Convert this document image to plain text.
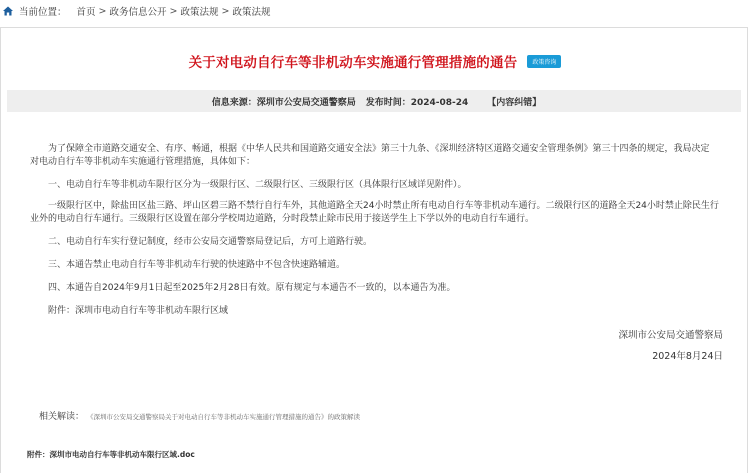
当前位置： 首页 > 政务信息公开 > 政策法规 > 政策法规
关于对电动自行车等非机动车实施通行管理措施的通告	政策咨询
信息来源：深圳市公安局交通警察局 发布时间：2024-08-24 【内容纠错】

为了保障全市道路交通安全、有序、畅通，根据《中华人民共和国道路交通安全法》第三十九条、《深圳经济特区道路交通安全管理条例》第三十四条的规定，我局决定对电动自行车等非机动车实施通行管理措施，具体如下：

一、电动自行车等非机动车限行区分为一级限行区、二级限行区、三级限行区（具体限行区域详见附件）。

一级限行区中，除盐田区盐三路、坪山区碧三路不禁行自行车外，其他道路全天24小时禁止所有电动自行车等非机动车通行。二级限行区的道路全天24小时禁止除民生行业外的电动自行车通行。三级限行区设置在部分学校周边道路，分时段禁止除市民用于接送学生上下学以外的电动自行车通行。

二、电动自行车实行登记制度，经市公安局交通警察局登记后，方可上道路行驶。

三、本通告禁止电动自行车等非机动车行驶的快速路中不包含快速路辅道。

四、本通告自2024年9月1日起至2025年2月28日有效。原有规定与本通告不一致的，以本通告为准。

附件：深圳市电动自行车等非机动车限行区域

深圳市公安局交通警察局
2024年8月24日
相关解读： 《深圳市公安局交通警察局关于对电动自行车等非机动车实施通行管理措施的通告》的政策解读
附件：深圳市电动自行车等非机动车限行区域.doc
